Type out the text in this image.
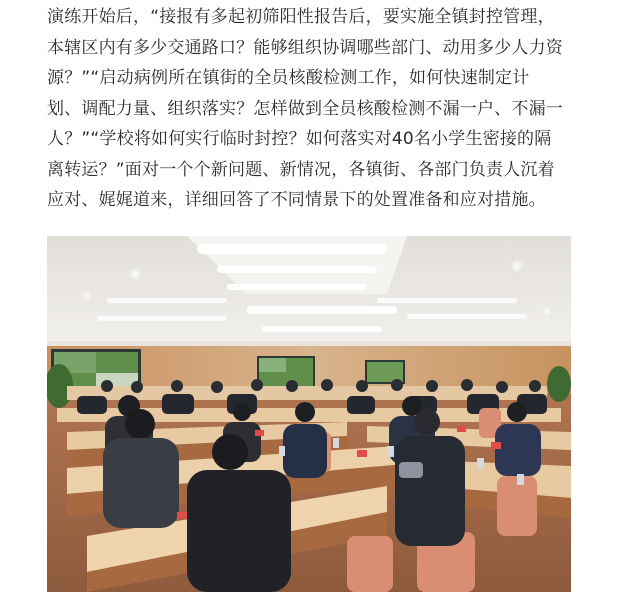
演练开始后，“接报有多起初筛阳性报告后，要实施全镇封控管理，
本辖区内有多少交通路口？能够组织协调哪些部门、动用多少人力资
源？”“启动病例所在镇街的全员核酸检测工作，如何快速制定计
划、调配力量、组织落实？怎样做到全员核酸检测不漏一户、不漏一
人？”“学校将如何实行临时封控？如何落实对40名小学生密接的隔
离转运？”面对一个个新问题、新情况，各镇街、各部门负责人沉着
应对、娓娓道来，详细回答了不同情景下的处置准备和应对措施。
